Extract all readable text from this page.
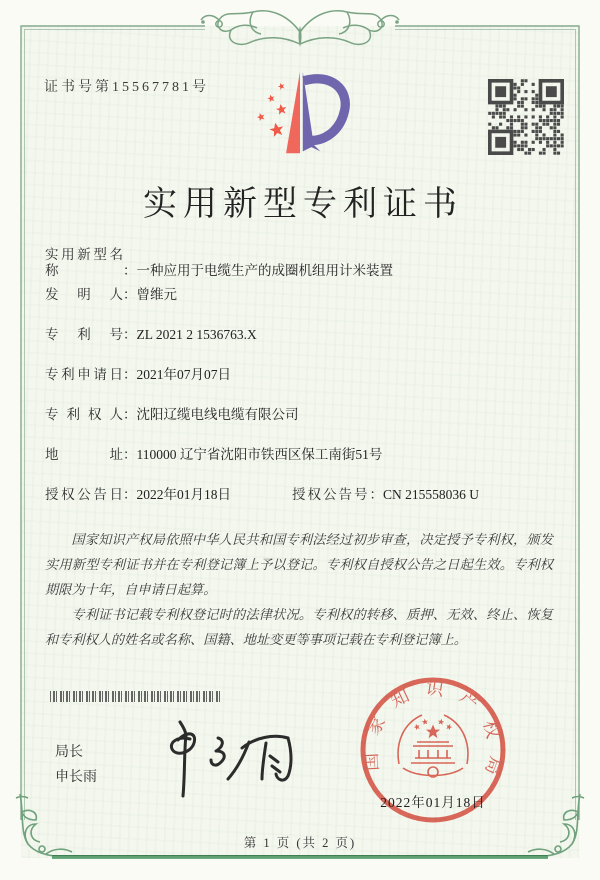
证书号第15567781号
实用新型专利证书
实用新型名称	：一种应用于电缆生产的成圈机组用计米装置
发明人：曾维元
专利号：ZL 2021 2 1536763.X
专利申请日：2021年07月07日
专利权人：沈阳辽缆电线电缆有限公司
地址：110000 辽宁省沈阳市铁西区保工南街51号
授权公告日：2022年01月18日	授权公告号：CN 215558036 U

国家知识产权局依照中华人民共和国专利法经过初步审查，决定授予专利权，颁发实用新型专利证书并在专利登记簿上予以登记。专利权自授权公告之日起生效。专利权期限为十年，自申请日起算。

专利证书记载专利权登记时的法律状况。专利权的转移、质押、无效、终止、恢复和专利权人的姓名或名称、国籍、地址变更等事项记载在专利登记簿上。

局长
申长雨
国家知识产权局
2022年01月18日
第 1 页 (共 2 页)
